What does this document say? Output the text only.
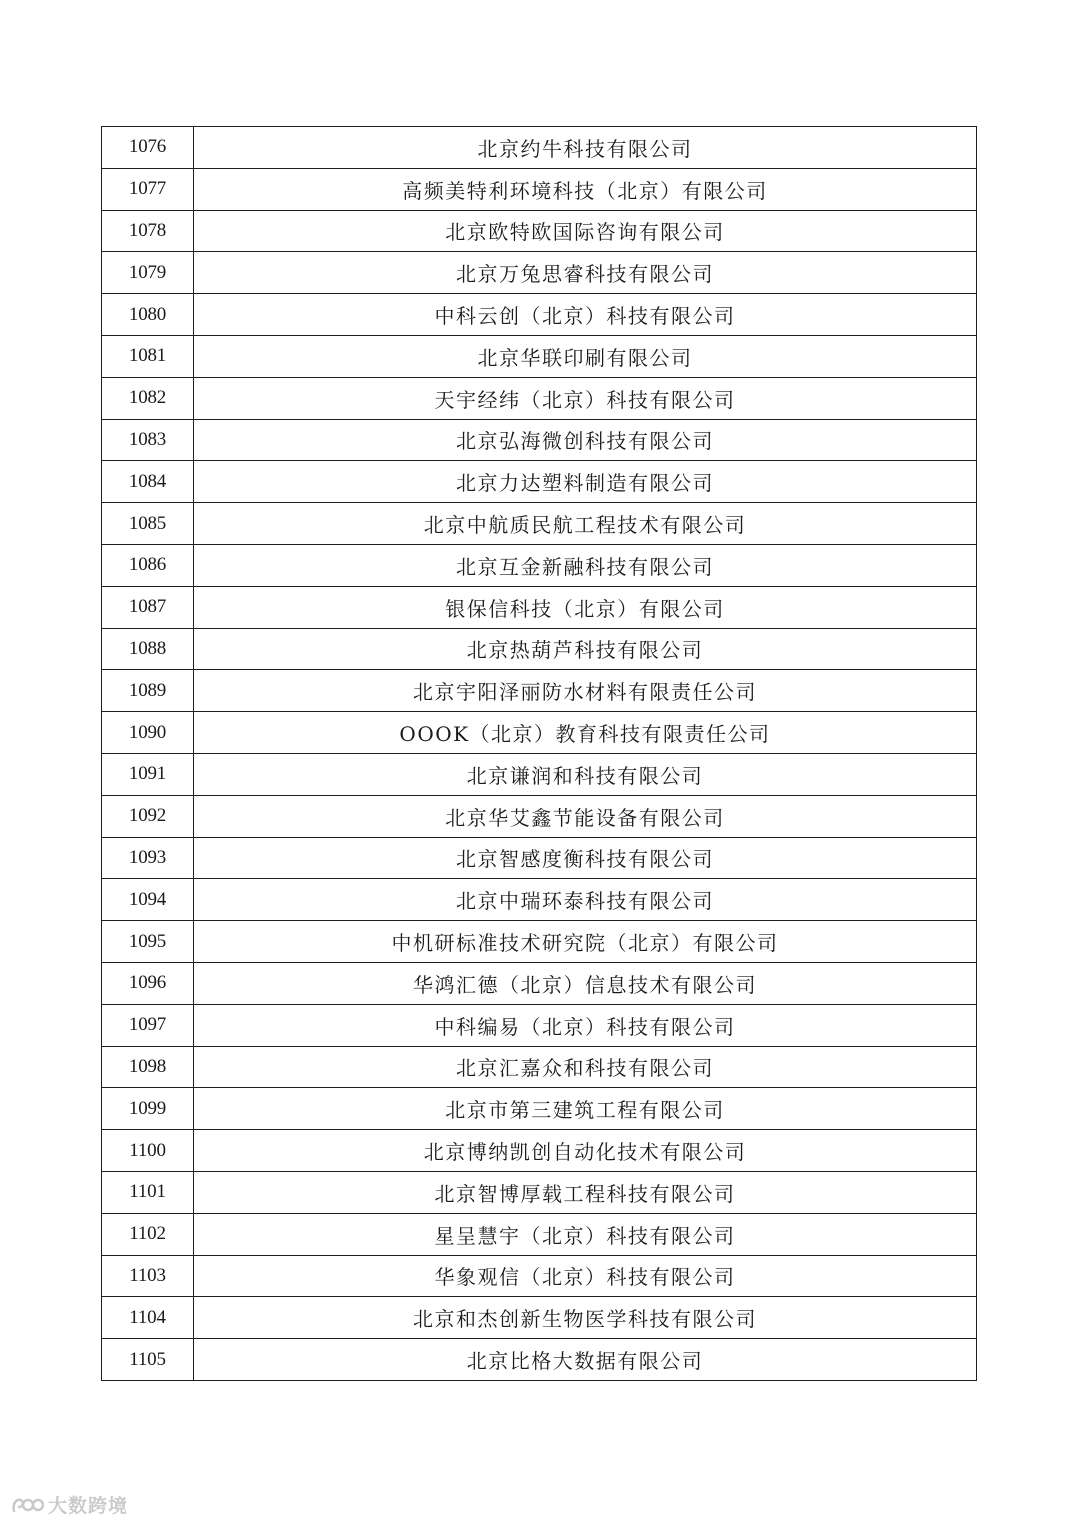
1076	北京约牛科技有限公司
1077	高频美特利环境科技（北京）有限公司
1078	北京欧特欧国际咨询有限公司
1079	北京万兔思睿科技有限公司
1080	中科云创（北京）科技有限公司
1081	北京华联印刷有限公司
1082	天宇经纬（北京）科技有限公司
1083	北京弘海微创科技有限公司
1084	北京力达塑料制造有限公司
1085	北京中航质民航工程技术有限公司
1086	北京互金新融科技有限公司
1087	银保信科技（北京）有限公司
1088	北京热葫芦科技有限公司
1089	北京宇阳泽丽防水材料有限责任公司
1090	OOOK（北京）教育科技有限责任公司
1091	北京谦润和科技有限公司
1092	北京华艾鑫节能设备有限公司
1093	北京智感度衡科技有限公司
1094	北京中瑞环泰科技有限公司
1095	中机研标准技术研究院（北京）有限公司
1096	华鸿汇德（北京）信息技术有限公司
1097	中科编易（北京）科技有限公司
1098	北京汇嘉众和科技有限公司
1099	北京市第三建筑工程有限公司
1100	北京博纳凯创自动化技术有限公司
1101	北京智博厚载工程科技有限公司
1102	星呈慧宇（北京）科技有限公司
1103	华象观信（北京）科技有限公司
1104	北京和杰创新生物医学科技有限公司
1105	北京比格大数据有限公司
大数跨境
